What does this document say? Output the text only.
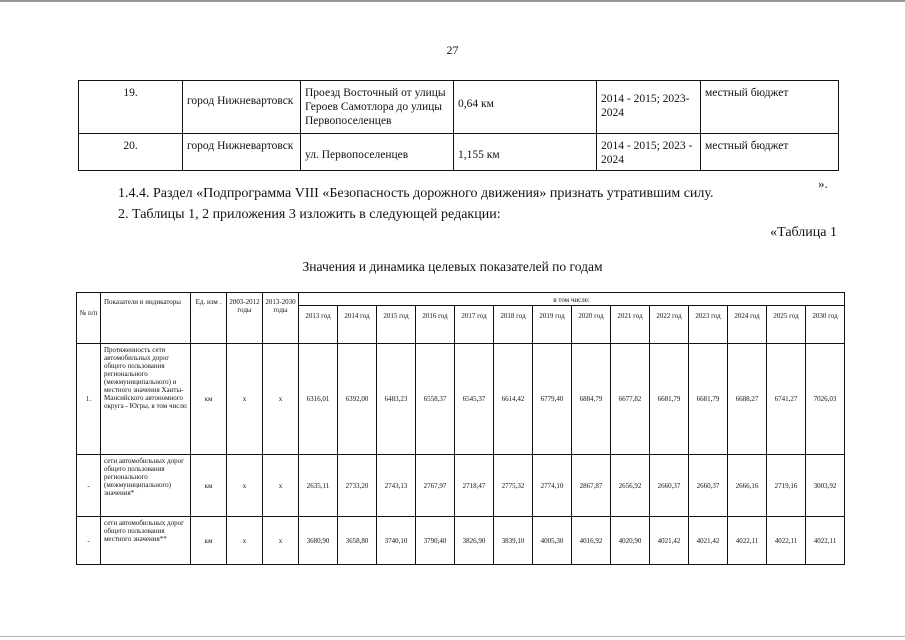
27
19.	город Нижневартовск	Проезд Восточный от улицы Героев Самотлора до улицы Первопоселенцев	0,64 км	2014 - 2015; 2023-2024	местный бюджет
20.	город Нижневартовск	ул. Первопоселенцев	1,155 км	2014 - 2015; 2023 - 2024	местный бюджет
».
1.4.4. Раздел «Подпрограмма VIII «Безопасность дорожного движения» признать утратившим силу.
2. Таблицы 1, 2 приложения 3 изложить в следующей редакции:
«Таблица 1
Значения и динамика целевых показателей по годам
№ п/п	Показатели и индикаторы	Ед. изм .	2003-2012 годы	2013-2030 годы	в том числе:													
					2013 год	2014 год	2015 год	2016 год	2017 год	2018 год	2019 год	2020 год	2021 год	2022 год	2023 год	2024 год	2025 год	2030 год
1.	Протяженность сети автомобильных дорог общего пользования регионального (межмуниципального) и местного значения Ханты-Мансийского автономного округа - Югры, в том числе:	км	x	x	6316,01	6392,00	6483,23	6558,37	6545,37	6614,42	6779,40	6884,79	6677,82	6681,79	6681,79	6688,27	6741,27	7026,03
-	сети автомобильных дорог общего пользования регионального (межмуниципального) значения*	км	x	x	2635,11	2733,20	2743,13	2767,97	2718,47	2775,32	2774,10	2867,87	2656,92	2660,37	2660,37	2666,16	2719,16	3003,92
-	сети автомобильных дорог общего пользования местного значения**	км	x	x	3680,90	3658,80	3740,10	3790,40	3826,90	3839,10	4005,30	4016,92	4020,90	4021,42	4021,42	4022,11	4022,11	4022,11
